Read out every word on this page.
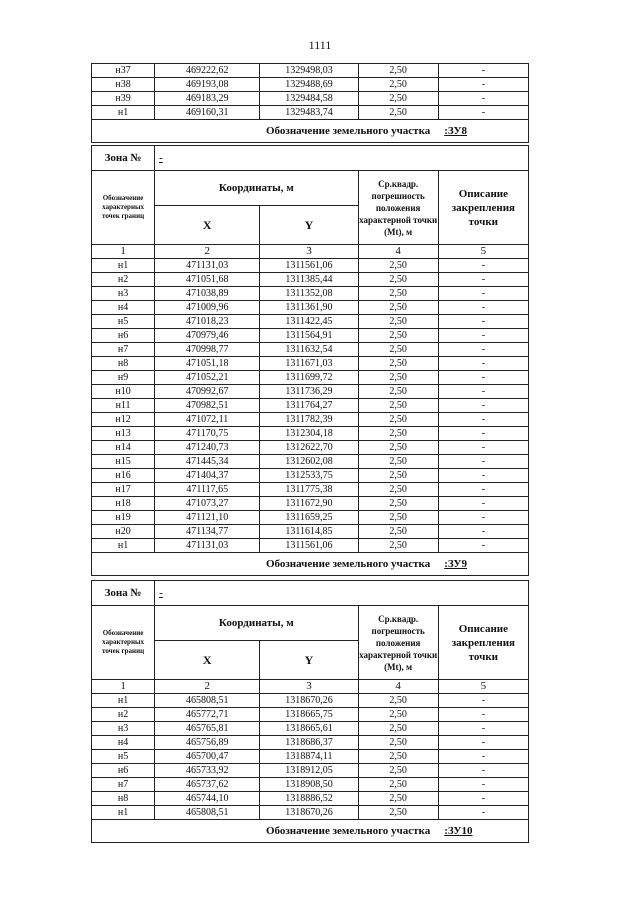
1111
н37	469222,62	1329498,03	2,50	-
н38	469193,08	1329488,69	2,50	-
н39	469183,29	1329484,58	2,50	-
н1	469160,31	1329483,74	2,50	-
Обозначение земельного участка				:ЗУ8
Зона №	-			
Обозначение характерных точек границ	Координаты, м		Ср.квадр. погрешность положения характерной точки (Mt), м	Описание закрепления точки
	X	Y		
1	2	3	4	5
н1	471131,03	1311561,06	2,50	-
н2	471051,68	1311385,44	2,50	-
н3	471038,89	1311352,08	2,50	-
н4	471009,96	1311361,90	2,50	-
н5	471018,23	1311422,45	2,50	-
н6	470979,46	1311564,91	2,50	-
н7	470998,77	1311632,54	2,50	-
н8	471051,18	1311671,03	2,50	-
н9	471052,21	1311699,72	2,50	-
н10	470992,67	1311736,29	2,50	-
н11	470982,51	1311764,27	2,50	-
н12	471072,11	1311782,39	2,50	-
н13	471170,75	1312304,18	2,50	-
н14	471240,73	1312622,70	2,50	-
н15	471445,34	1312602,08	2,50	-
н16	471404,37	1312533,75	2,50	-
н17	471117,65	1311775,38	2,50	-
н18	471073,27	1311672,90	2,50	-
н19	471121,10	1311659,25	2,50	-
н20	471134,77	1311614,85	2,50	-
н1	471131,03	1311561,06	2,50	-
Обозначение земельного участка				:ЗУ9
Зона №	-			
Обозначение характерных точек границ	Координаты, м		Ср.квадр. погрешность положения характерной точки (Mt), м	Описание закрепления точки
	X	Y		
1	2	3	4	5
н1	465808,51	1318670,26	2,50	-
н2	465772,71	1318665,75	2,50	-
н3	465765,81	1318665,61	2,50	-
н4	465756,89	1318686,37	2,50	-
н5	465700,47	1318874,11	2,50	-
н6	465733,92	1318912,05	2,50	-
н7	465737,62	1318908,50	2,50	-
н8	465744,10	1318886,52	2,50	-
н1	465808,51	1318670,26	2,50	-
Обозначение земельного участка				:ЗУ10
